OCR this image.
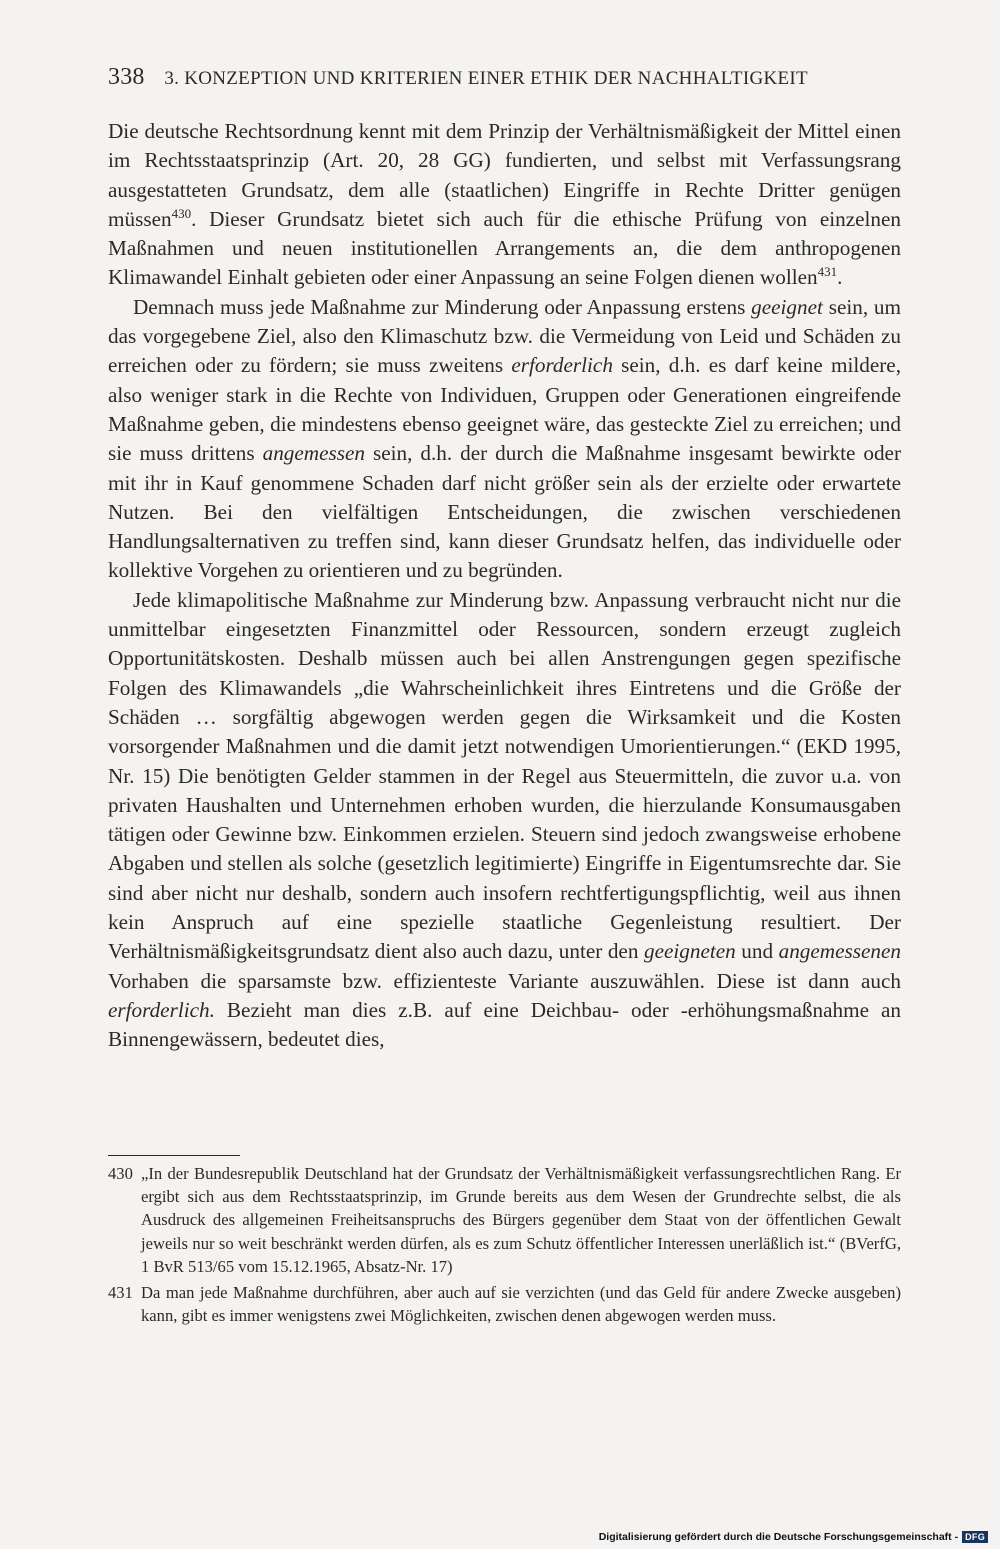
338 3. KONZEPTION UND KRITERIEN EINER ETHIK DER NACHHALTIGKEIT

Die deutsche Rechtsordnung kennt mit dem Prinzip der Verhältnismäßigkeit der Mittel einen im Rechtsstaatsprinzip (Art. 20, 28 GG) fundierten, und selbst mit Verfassungsrang ausgestatteten Grundsatz, dem alle (staatlichen) Eingriffe in Rechte Dritter genügen müssen$^{430}$. Dieser Grundsatz bietet sich auch für die ethische Prüfung von einzelnen Maßnahmen und neuen institutionellen Arrangements an, die dem anthropogenen Klimawandel Einhalt gebieten oder einer Anpassung an seine Folgen dienen wollen$^{431}$.

Demnach muss jede Maßnahme zur Minderung oder Anpassung erstens geeignet sein, um das vorgegebene Ziel, also den Klimaschutz bzw. die Vermeidung von Leid und Schäden zu erreichen oder zu fördern; sie muss zweitens erforderlich sein, d.h. es darf keine mildere, also weniger stark in die Rechte von Individuen, Gruppen oder Generationen eingreifende Maßnahme geben, die mindestens ebenso geeignet wäre, das gesteckte Ziel zu erreichen; und sie muss drittens angemessen sein, d.h. der durch die Maßnahme insgesamt bewirkte oder mit ihr in Kauf genommene Schaden darf nicht größer sein als der erzielte oder erwartete Nutzen. Bei den vielfältigen Entscheidungen, die zwischen verschiedenen Handlungsalternativen zu treffen sind, kann dieser Grundsatz helfen, das individuelle oder kollektive Vorgehen zu orientieren und zu begründen.

Jede klimapolitische Maßnahme zur Minderung bzw. Anpassung verbraucht nicht nur die unmittelbar eingesetzten Finanzmittel oder Ressourcen, sondern erzeugt zugleich Opportunitätskosten. Deshalb müssen auch bei allen Anstrengungen gegen spezifische Folgen des Klimawandels „die Wahrscheinlichkeit ihres Eintretens und die Größe der Schäden … sorgfältig abgewogen werden gegen die Wirksamkeit und die Kosten vorsorgender Maßnahmen und die damit jetzt notwendigen Umorientierungen.“ (EKD 1995, Nr. 15) Die benötigten Gelder stammen in der Regel aus Steuermitteln, die zuvor u.a. von privaten Haushalten und Unternehmen erhoben wurden, die hierzulande Konsumausgaben tätigen oder Gewinne bzw. Einkommen erzielen. Steuern sind jedoch zwangsweise erhobene Abgaben und stellen als solche (gesetzlich legitimierte) Eingriffe in Eigentumsrechte dar. Sie sind aber nicht nur deshalb, sondern auch insofern rechtfertigungspflichtig, weil aus ihnen kein Anspruch auf eine spezielle staatliche Gegenleistung resultiert. Der Verhältnismäßigkeitsgrundsatz dient also auch dazu, unter den geeigneten und angemessenen Vorhaben die sparsamste bzw. effizienteste Variante auszuwählen. Diese ist dann auch erforderlich. Bezieht man dies z.B. auf eine Deichbau- oder -erhöhungsmaßnahme an Binnengewässern, bedeutet dies,

430 „In der Bundesrepublik Deutschland hat der Grundsatz der Verhältnismäßigkeit verfassungsrechtlichen Rang. Er ergibt sich aus dem Rechtsstaatsprinzip, im Grunde bereits aus dem Wesen der Grundrechte selbst, die als Ausdruck des allgemeinen Freiheitsanspruchs des Bürgers gegenüber dem Staat von der öffentlichen Gewalt jeweils nur so weit beschränkt werden dürfen, als es zum Schutz öffentlicher Interessen unerläßlich ist.“ (BVerfG, 1 BvR 513/65 vom 15.12.1965, Absatz-Nr. 17)
431 Da man jede Maßnahme durchführen, aber auch auf sie verzichten (und das Geld für andere Zwecke ausgeben) kann, gibt es immer wenigstens zwei Möglichkeiten, zwischen denen abgewogen werden muss.
Digitalisierung gefördert durch die Deutsche Forschungsgemeinschaft - DFG
